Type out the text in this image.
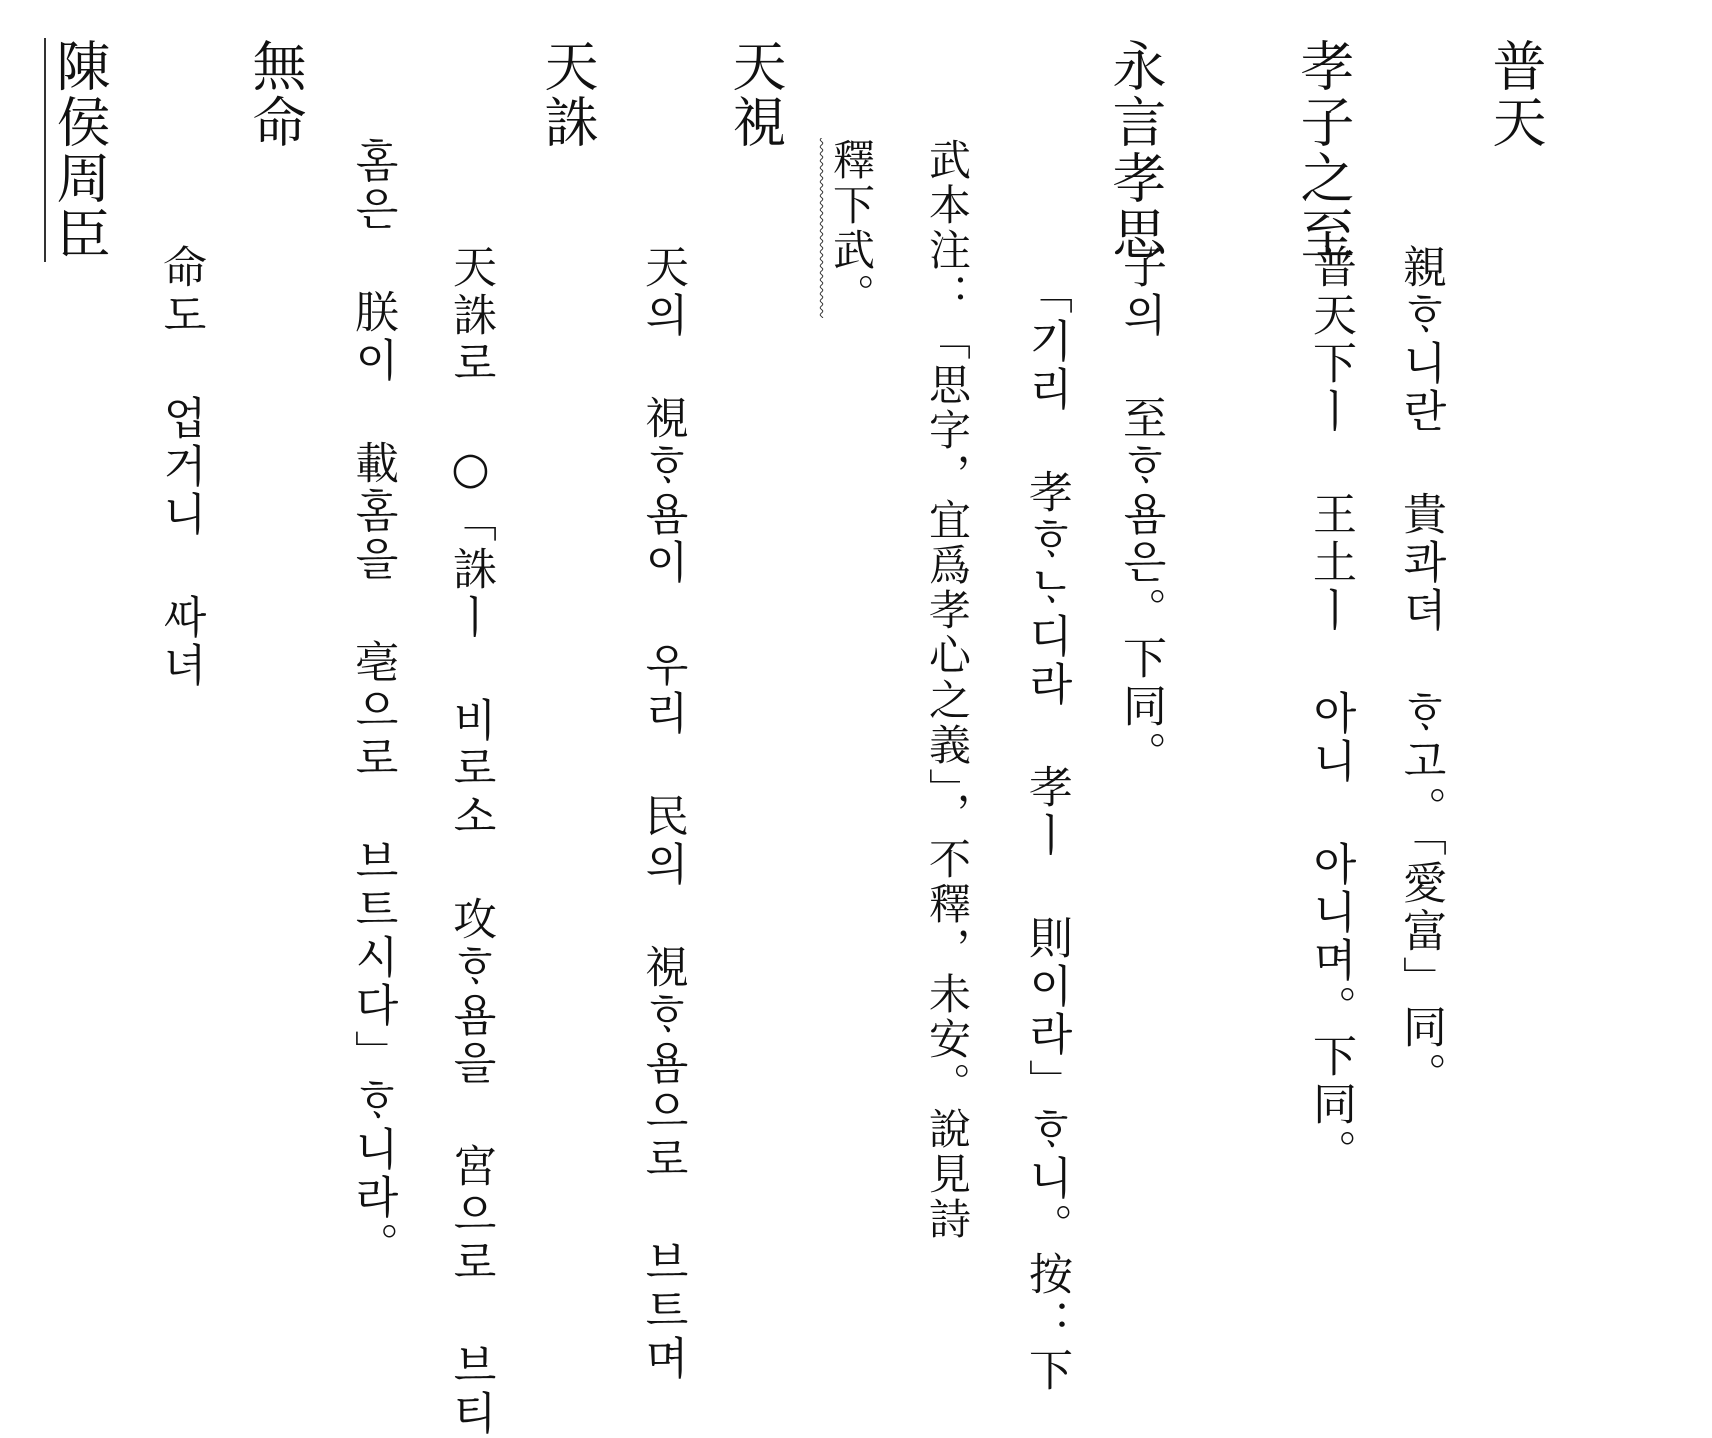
普天
親ᄒᆞ니란 貴콰뎌 ᄒᆞ고。「愛富」同。
普天下ㅣ 王土ㅣ 아니 아니며。下同。
孝子之至
子의 至ᄒᆞ욤은。下同。
永言孝思
「기리 孝ᄒᆞᄂᆞ디라 孝ㅣ 則이라」ᄒᆞ니。按：下
武本注：「思字，宜爲孝心之義」，不釋，未安。說見詩
釋下武。
天視
天의 視ᄒᆞ욤이 우리 民의 視ᄒᆞ욤으로 브트며
天誅
天誅로 ○「誅ㅣ 비로소 攻ᄒᆞ욤을 宮으로 브티
홈은 朕이 載홈을 亳으로 브트시다」ᄒᆞ니라。
無命
命도 업거니 ᄯᅡ녀
陳侯周臣
